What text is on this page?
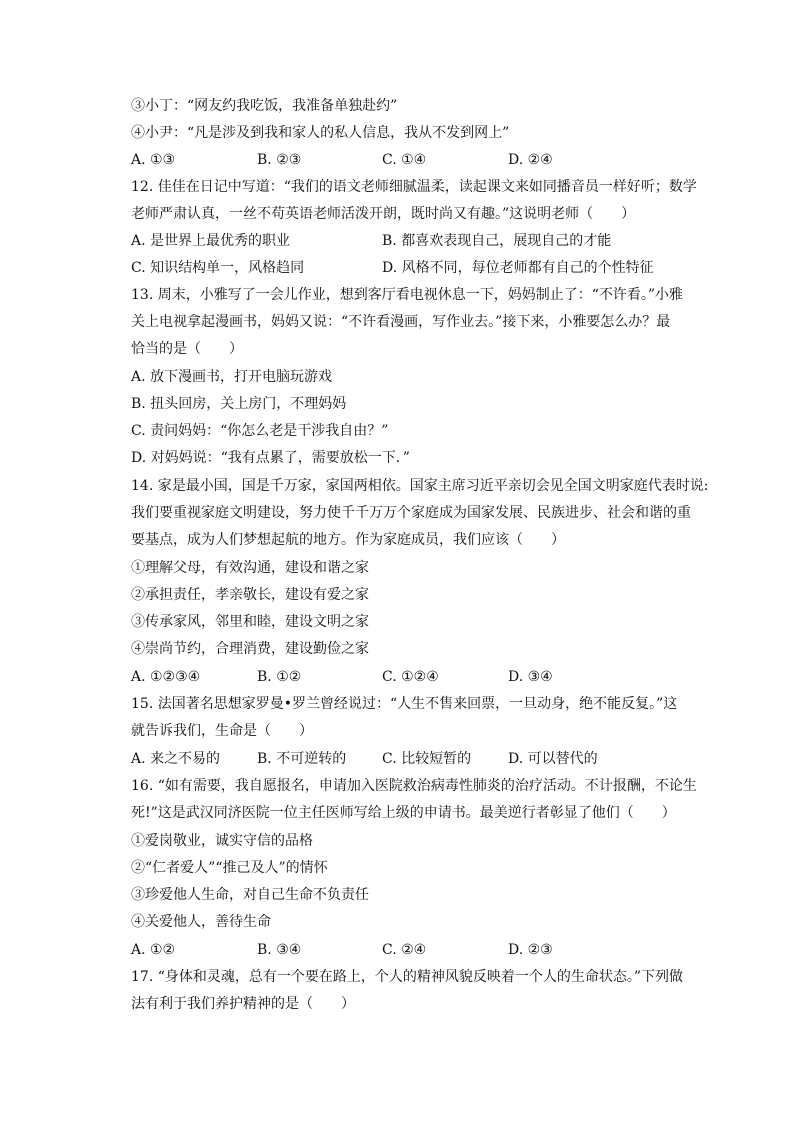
③小丁：“网友约我吃饭，我准备单独赴约”
④小尹：“凡是涉及到我和家人的私人信息，我从不发到网上”
A. ①③	B. ②③	C. ①④	D. ②④
12. 佳佳在日记中写道：“我们的语文老师细腻温柔，读起课文来如同播音员一样好听；数学
老师严肃认真，一丝不苟英语老师活泼开朗，既时尚又有趣。”这说明老师（　　）
A. 是世界上最优秀的职业	B. 都喜欢表现自己，展现自己的才能
C. 知识结构单一，风格趋同	D. 风格不同，每位老师都有自己的个性特征
13. 周末，小雅写了一会儿作业，想到客厅看电视休息一下，妈妈制止了：“不许看。”小雅
关上电视拿起漫画书，妈妈又说：“不许看漫画，写作业去。”接下来，小雅要怎么办？最
恰当的是（　　）
A. 放下漫画书，打开电脑玩游戏
B. 扭头回房，关上房门，不理妈妈
C. 责问妈妈：“你怎么老是干涉我自由？”
D. 对妈妈说：“我有点累了，需要放松一下．”
14. 家是最小国，国是千万家，家国两相依。国家主席习近平亲切会见全国文明家庭代表时说:
我们要重视家庭文明建设，努力使千千万万个家庭成为国家发展、民族进步、社会和谐的重
要基点，成为人们梦想起航的地方。作为家庭成员，我们应该（　　）
①理解父母，有效沟通，建设和谐之家
②承担责任，孝亲敬长，建设有爱之家
③传承家风，邻里和睦，建设文明之家
④崇尚节约，合理消费，建设勤俭之家
A. ①②③④	B. ①②	C. ①②④	D. ③④
15. 法国著名思想家罗曼•罗兰曾经说过：“人生不售来回票，一旦动身，绝不能反复。”这
就告诉我们，生命是（　　）
A. 来之不易的	B. 不可逆转的	C. 比较短暂的	D. 可以替代的
16. “如有需要，我自愿报名，申请加入医院救治病毒性肺炎的治疗活动。不计报酬，不论生
死!”这是武汉同济医院一位主任医师写给上级的申请书。最美逆行者彰显了他们（　　）
①爱岗敬业，诚实守信的品格
②“仁者爱人”“推己及人”的情怀
③珍爱他人生命，对自己生命不负责任
④关爱他人，善待生命
A. ①②	B. ③④	C. ②④	D. ②③
17. “身体和灵魂，总有一个要在路上，个人的精神风貌反映着一个人的生命状态。”下列做
法有利于我们养护精神的是（　　）
